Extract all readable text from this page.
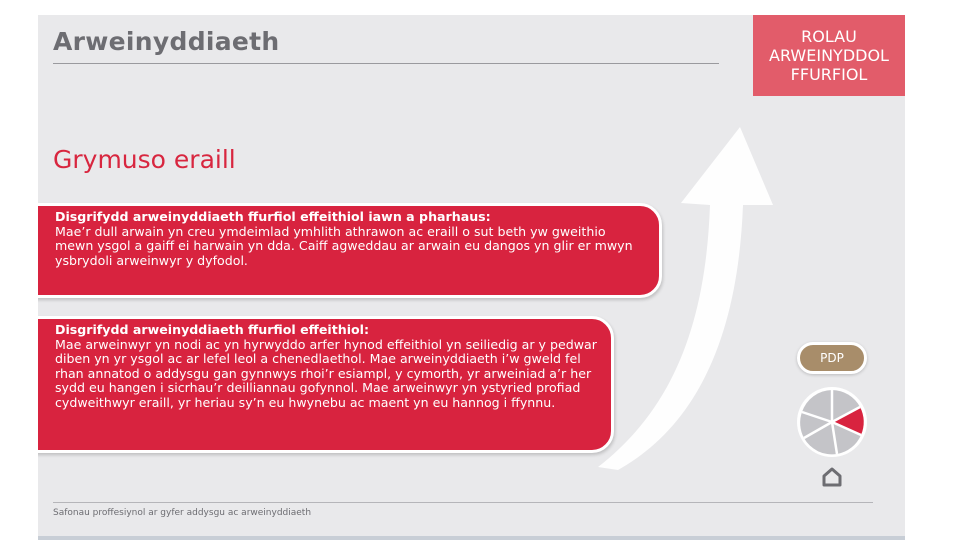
Arweinyddiaeth	ROLAU
ARWEINYDDOL
FFURFIOL
Grymuso eraill
Disgrifydd arweinyddiaeth ffurfiol effeithiol iawn a pharhaus:
Mae’r dull arwain yn creu ymdeimlad ymhlith athrawon ac eraill o sut beth yw gweithio mewn ysgol a gaiff ei harwain yn dda. Caiff agweddau ar arwain eu dangos yn glir er mwyn ysbrydoli arweinwyr y dyfodol.
Disgrifydd arweinyddiaeth ffurfiol effeithiol:
Mae arweinwyr yn nodi ac yn hyrwyddo arfer hynod effeithiol yn seiliedig ar y pedwar diben yn yr ysgol ac ar lefel leol a chenedlaethol. Mae arweinyddiaeth i’w gweld fel rhan annatod o addysgu gan gynnwys rhoi’r esiampl, y cymorth, yr arweiniad a’r her sydd eu hangen i sicrhau’r deilliannau gofynnol. Mae arweinwyr yn ystyried profiad cydweithwyr eraill, yr heriau sy’n eu hwynebu ac maent yn eu hannog i ffynnu.
PDP
Safonau proffesiynol ar gyfer addysgu ac arweinyddiaeth
